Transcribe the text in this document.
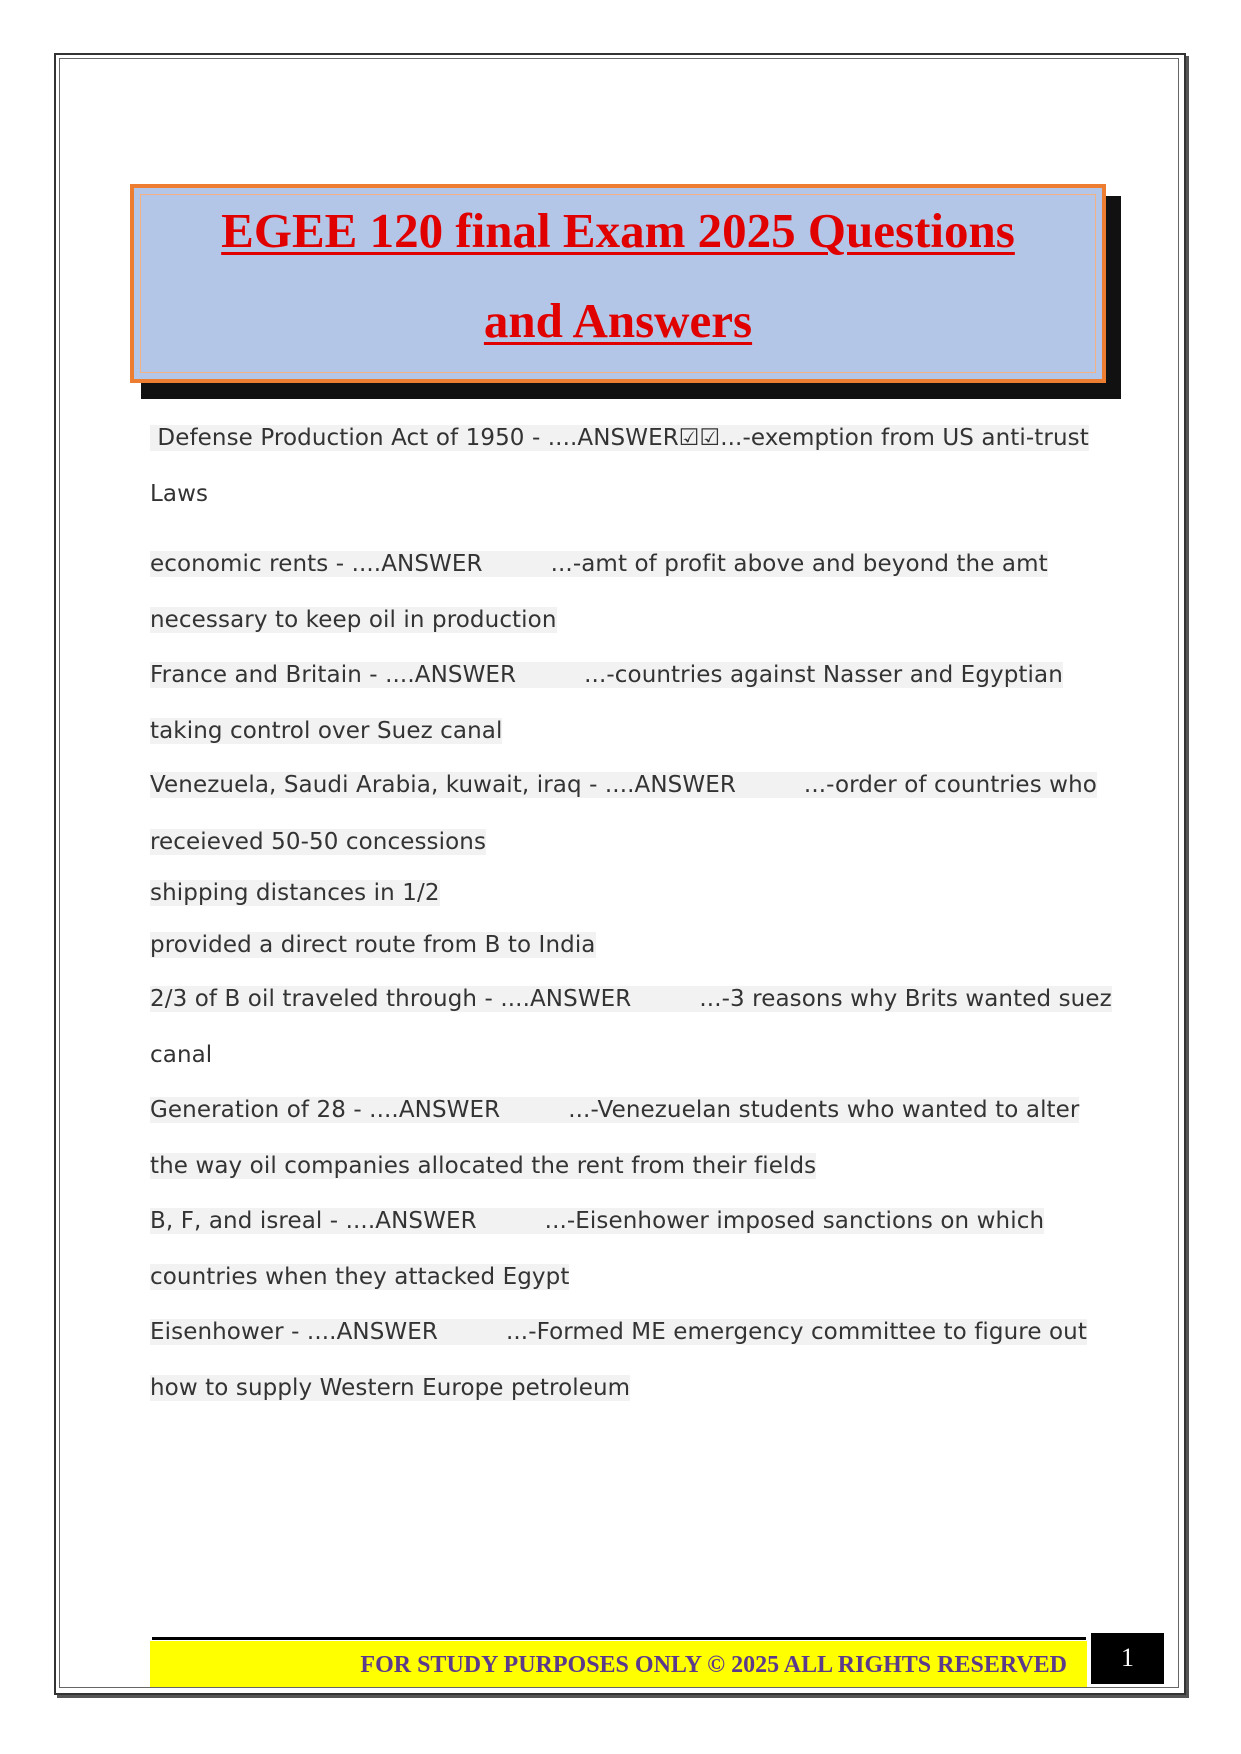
EGEE 120 final Exam 2025 Questions
and Answers
Defense Production Act of 1950 - ....ANSWER☑☑...-exemption from US anti-trust
Laws
economic rents - ....ANSWER	...-amt of profit above and beyond the amt
necessary to keep oil in production
France and Britain - ....ANSWER	...-countries against Nasser and Egyptian
taking control over Suez canal
Venezuela, Saudi Arabia, kuwait, iraq - ....ANSWER	...-order of countries who
receieved 50-50 concessions
shipping distances in 1/2
provided a direct route from B to India
2/3 of B oil traveled through - ....ANSWER	...-3 reasons why Brits wanted suez
canal
Generation of 28 - ....ANSWER	...-Venezuelan students who wanted to alter
the way oil companies allocated the rent from their fields
B, F, and isreal - ....ANSWER	...-Eisenhower imposed sanctions on which
countries when they attacked Egypt
Eisenhower - ....ANSWER	...-Formed ME emergency committee to figure out
how to supply Western Europe petroleum
FOR STUDY PURPOSES ONLY © 2025 ALL RIGHTS RESERVED	1
